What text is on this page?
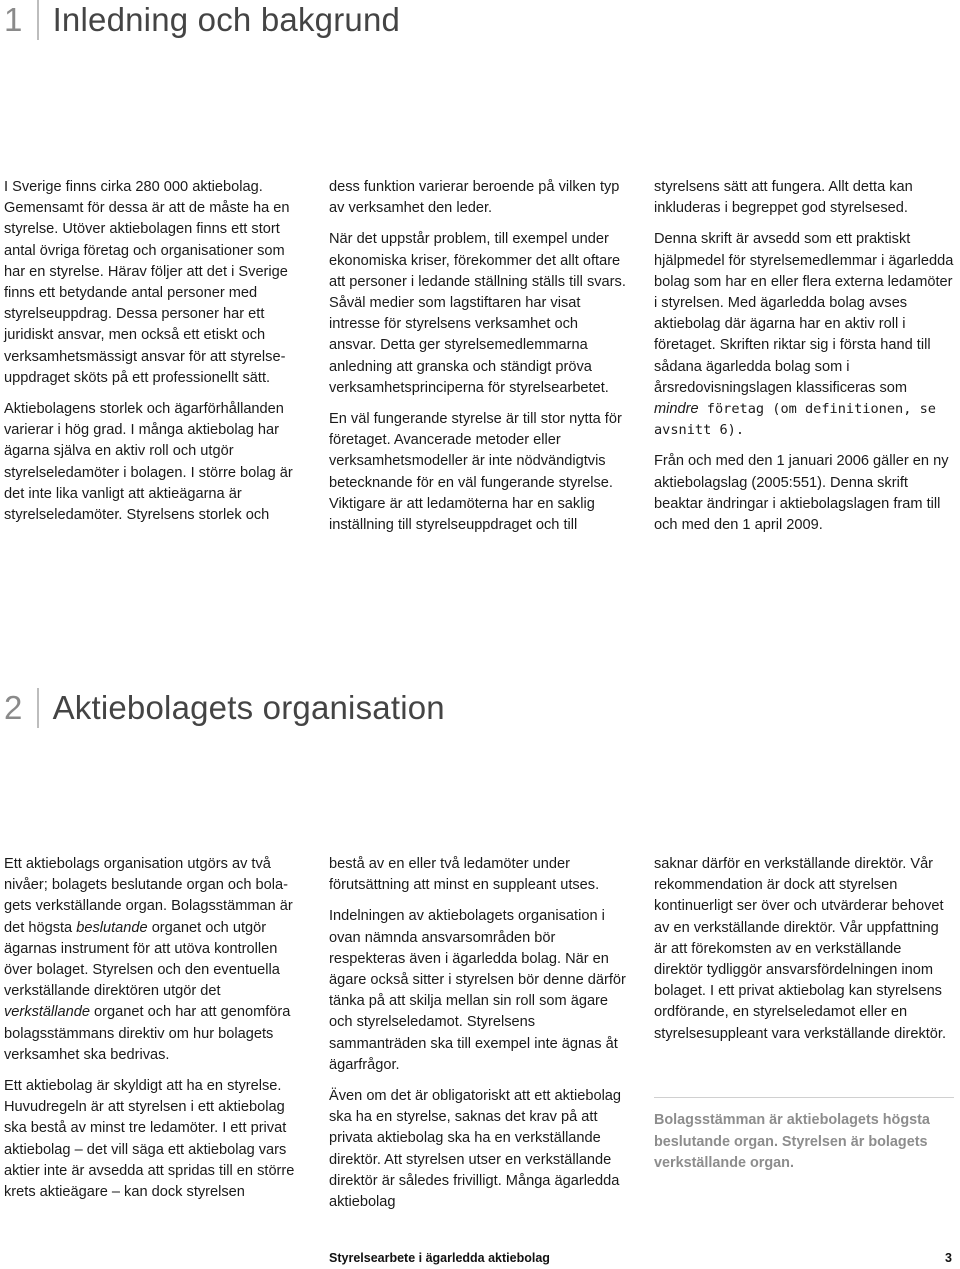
1 Inledning och bakgrund

I Sverige finns cirka 280 000 aktiebolag. Gemensamt för dessa är att de måste ha en styrelse. Utöver aktiebolagen finns ett stort antal övriga företag och organisationer som har en styrelse. Härav följer att det i Sverige finns ett betydande antal personer med styrelseuppdrag. Dessa personer har ett juridiskt ansvar, men också ett etiskt och verksamhetsmässigt ansvar för att styrelseuppdraget sköts på ett professionellt sätt.

Aktiebolagens storlek och ägarförhållanden varierar i hög grad. I många aktiebolag har ägarna själva en aktiv roll och utgör styrelseledamöter i bolagen. I större bolag är det inte lika vanligt att aktieägarna är styrelseledamöter. Styrelsens storlek och

dess funktion varierar beroende på vilken typ av verksamhet den leder.

När det uppstår problem, till exempel under ekonomiska kriser, förekommer det allt oftare att personer i ledande ställning ställs till svars. Såväl medier som lagstiftaren har visat intresse för styrelsens verksamhet och ansvar. Detta ger styrelsemedlemmarna anledning att granska och ständigt pröva verksamhetsprinciperna för styrelsearbetet.

En väl fungerande styrelse är till stor nytta för företaget. Avancerade metoder eller verksamhetsmodeller är inte nödvändigtvis betecknande för en väl fungerande styrelse. Viktigare är att ledamöterna har en saklig inställning till styrelseuppdraget och till

styrelsens sätt att fungera. Allt detta kan inkluderas i begreppet god styrelsesed.

Denna skrift är avsedd som ett praktiskt hjälpmedel för styrelsemedlemmar i ägarledda bolag som har en eller flera externa ledamöter i styrelsen. Med ägarledda bolag avses aktiebolag där ägarna har en aktiv roll i företaget. Skriften riktar sig i första hand till sådana ägarledda bolag som i årsredovisningslagen klassificeras som mindre företag (om definitionen, se avsnitt 6).

Från och med den 1 januari 2006 gäller en ny aktiebolagslag (2005:551). Denna skrift beaktar ändringar i aktiebolagslagen fram till och med den 1 april 2009.

2 Aktiebolagets organisation

Ett aktiebolags organisation utgörs av två nivåer; bolagets beslutande organ och bolagets verkställande organ. Bolagsstämman är det högsta beslutande organet och utgör ägarnas instrument för att utöva kontrollen över bolaget. Styrelsen och den eventuella verkställande direktören utgör det verkställande organet och har att genomföra bolagsstämmans direktiv om hur bolagets verksamhet ska bedrivas.

Ett aktiebolag är skyldigt att ha en styrelse. Huvudregeln är att styrelsen i ett aktiebolag ska bestå av minst tre ledamöter. I ett privat aktiebolag – det vill säga ett aktiebolag vars aktier inte är avsedda att spridas till en större krets aktieägare – kan dock styrelsen

bestå av en eller två ledamöter under förutsättning att minst en suppleant utses.

Indelningen av aktiebolagets organisation i ovan nämnda ansvarsområden bör respekteras även i ägarledda bolag. När en ägare också sitter i styrelsen bör denne därför tänka på att skilja mellan sin roll som ägare och styrelseledamot. Styrelsens sammanträden ska till exempel inte ägnas åt ägarfrågor.

Även om det är obligatoriskt att ett aktiebolag ska ha en styrelse, saknas det krav på att privata aktiebolag ska ha en verkställande direktör. Att styrelsen utser en verkställande direktör är således frivilligt. Många ägarledda aktiebolag

saknar därför en verkställande direktör. Vår rekommendation är dock att styrelsen kontinuerligt ser över och utvärderar behovet av en verkställande direktör. Vår uppfattning är att förekomsten av en verkställande direktör tydliggör ansvarsfördelningen inom bolaget. I ett privat aktiebolag kan styrelsens ordförande, en styrelseledamot eller en styrelsesuppleant vara verkställande direktör.

Bolagsstämman är aktiebolagets högsta beslutande organ. Styrelsen är bolagets verkställande organ.
Styrelsearbete i ägarledda aktiebolag	3
